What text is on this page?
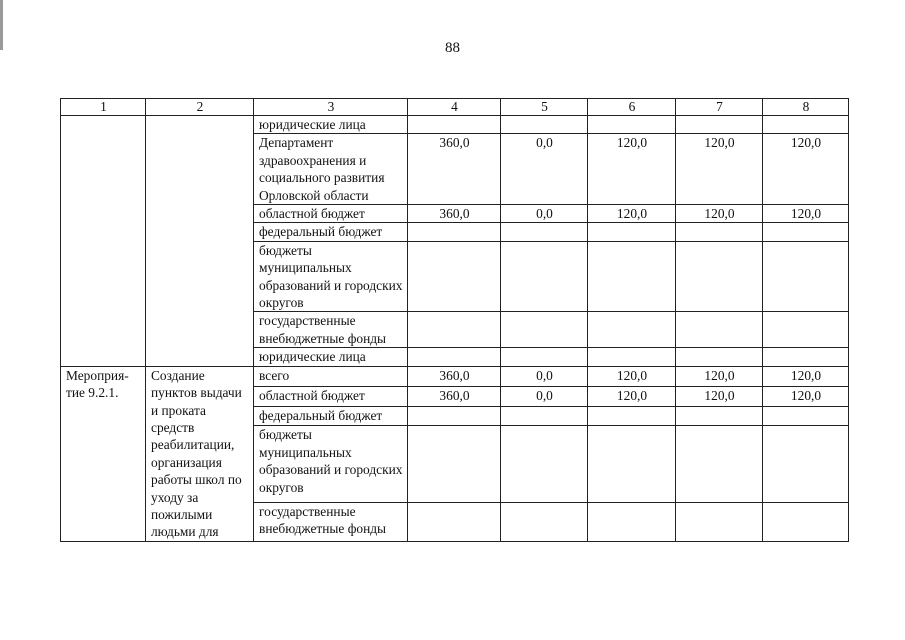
88
1	2	3	4	5	6	7	8
		юридические лица					
		Департамент здравоохранения и социального развития Орловской области	360,0	0,0	120,0	120,0	120,0
		областной бюджет	360,0	0,0	120,0	120,0	120,0
		федеральный бюджет					
		бюджеты муниципальных образований и городских округов					
		государственные внебюджетные фонды					
		юридические лица					
Мероприя-тие 9.2.1.	Создание пунктов выдачи и проката средств реабилитации, организация работы школ по уходу за пожилыми людьми для	всего	360,0	0,0	120,0	120,0	120,0
		областной бюджет	360,0	0,0	120,0	120,0	120,0
		федеральный бюджет					
		бюджеты муниципальных образований и городских округов					
		государственные внебюджетные фонды					
